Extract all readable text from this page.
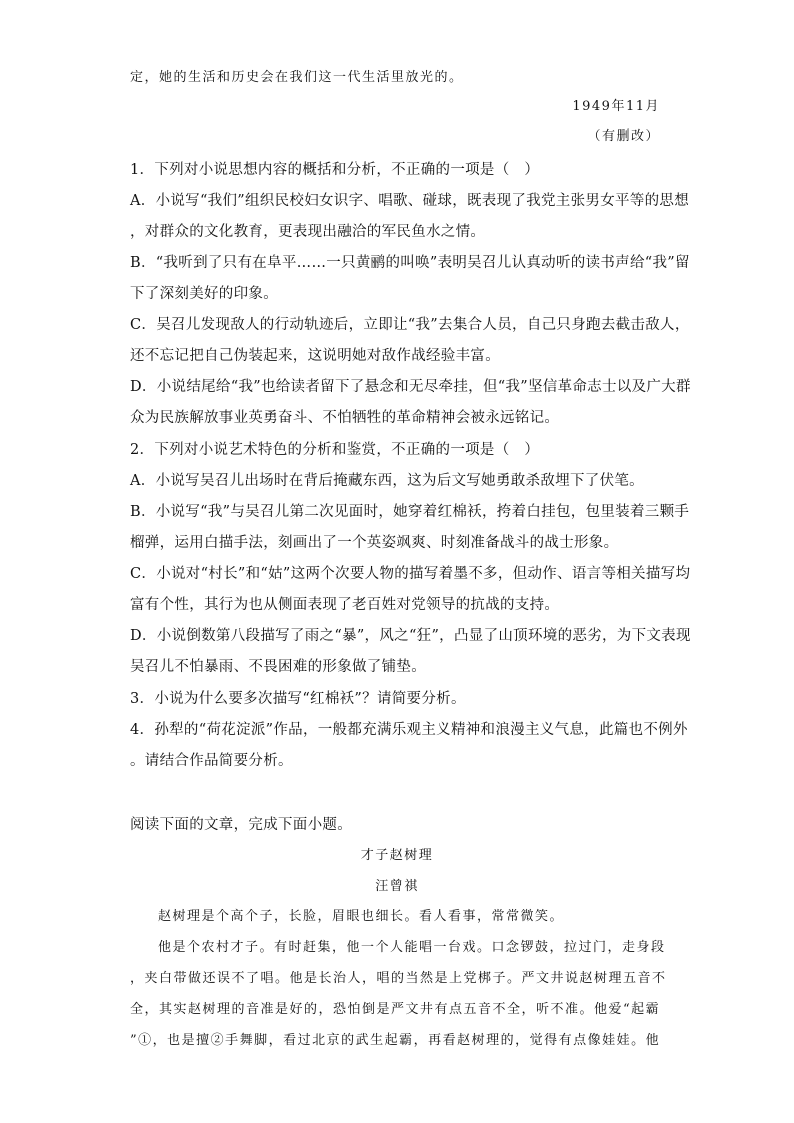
定，她的生活和历史会在我们这一代生活里放光的。
1949年11月
（有删改）
1．下列对小说思想内容的概括和分析，不正确的一项是（　）
A．小说写“我们”组织民校妇女识字、唱歌、碰球，既表现了我党主张男女平等的思想
，对群众的文化教育，更表现出融洽的军民鱼水之情。
B．“我听到了只有在阜平……一只黄鹂的叫唤”表明吴召儿认真动听的读书声给“我”留
下了深刻美好的印象。
C．吴召儿发现敌人的行动轨迹后，立即让“我”去集合人员，自己只身跑去截击敌人，
还不忘记把自己伪装起来，这说明她对敌作战经验丰富。
D．小说结尾给“我”也给读者留下了悬念和无尽牵挂，但“我”坚信革命志士以及广大群
众为民族解放事业英勇奋斗、不怕牺牲的革命精神会被永远铭记。
2．下列对小说艺术特色的分析和鉴赏，不正确的一项是（　）
A．小说写吴召儿出场时在背后掩藏东西，这为后文写她勇敢杀敌埋下了伏笔。
B．小说写“我”与吴召儿第二次见面时，她穿着红棉袄，挎着白挂包，包里装着三颗手
榴弹，运用白描手法，刻画出了一个英姿飒爽、时刻准备战斗的战士形象。
C．小说对“村长”和“姑”这两个次要人物的描写着墨不多，但动作、语言等相关描写均
富有个性，其行为也从侧面表现了老百姓对党领导的抗战的支持。
D．小说倒数第八段描写了雨之“暴”，风之“狂”，凸显了山顶环境的恶劣，为下文表现
吴召儿不怕暴雨、不畏困难的形象做了铺垫。
3．小说为什么要多次描写“红棉袄”？请简要分析。
4．孙犁的“荷花淀派”作品，一般都充满乐观主义精神和浪漫主义气息，此篇也不例外
。请结合作品简要分析。
阅读下面的文章，完成下面小题。
才子赵树理
汪曾祺
赵树理是个高个子，长脸，眉眼也细长。看人看事，常常微笑。
他是个农村才子。有时赶集，他一个人能唱一台戏。口念锣鼓，拉过门，走身段
，夹白带做还误不了唱。他是长治人，唱的当然是上党梆子。严文井说赵树理五音不
全，其实赵树理的音准是好的，恐怕倒是严文井有点五音不全，听不准。他爱“起霸
”①，也是擅②手舞脚，看过北京的武生起霸，再看赵树理的，觉得有点像娃娃。他
